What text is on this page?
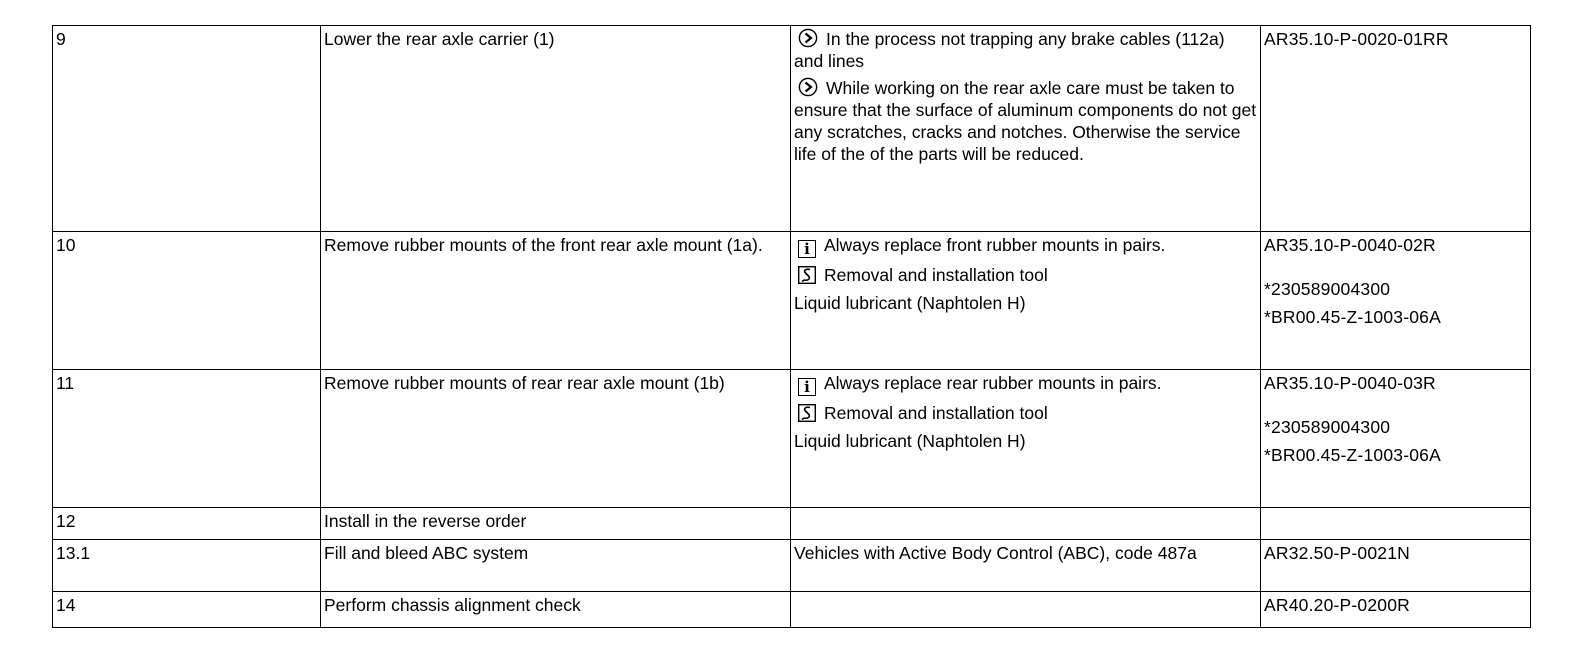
9	Lower the rear axle carrier (1)	In the process not trapping any brake cables (112a) and lines
While working on the rear axle care must be taken to ensure that the surface of aluminum components do not get any scratches, cracks and notches. Otherwise the service life of the of the parts will be reduced.	AR35.10-P-0020-01RR
10	Remove rubber mounts of the front rear axle mount (1a).	i Always replace front rubber mounts in pairs.
Removal and installation tool
Liquid lubricant (Naphtolen H)	AR35.10-P-0040-02R
*230589004300
*BR00.45-Z-1003-06A

11	Remove rubber mounts of rear rear axle mount (1b)	i Always replace rear rubber mounts in pairs.
Removal and installation tool
Liquid lubricant (Naphtolen H)	AR35.10-P-0040-03R
*230589004300
*BR00.45-Z-1003-06A

12	Install in the reverse order		
13.1	Fill and bleed ABC system	Vehicles with Active Body Control (ABC), code 487a	AR32.50-P-0021N
14	Perform chassis alignment check		AR40.20-P-0200R
